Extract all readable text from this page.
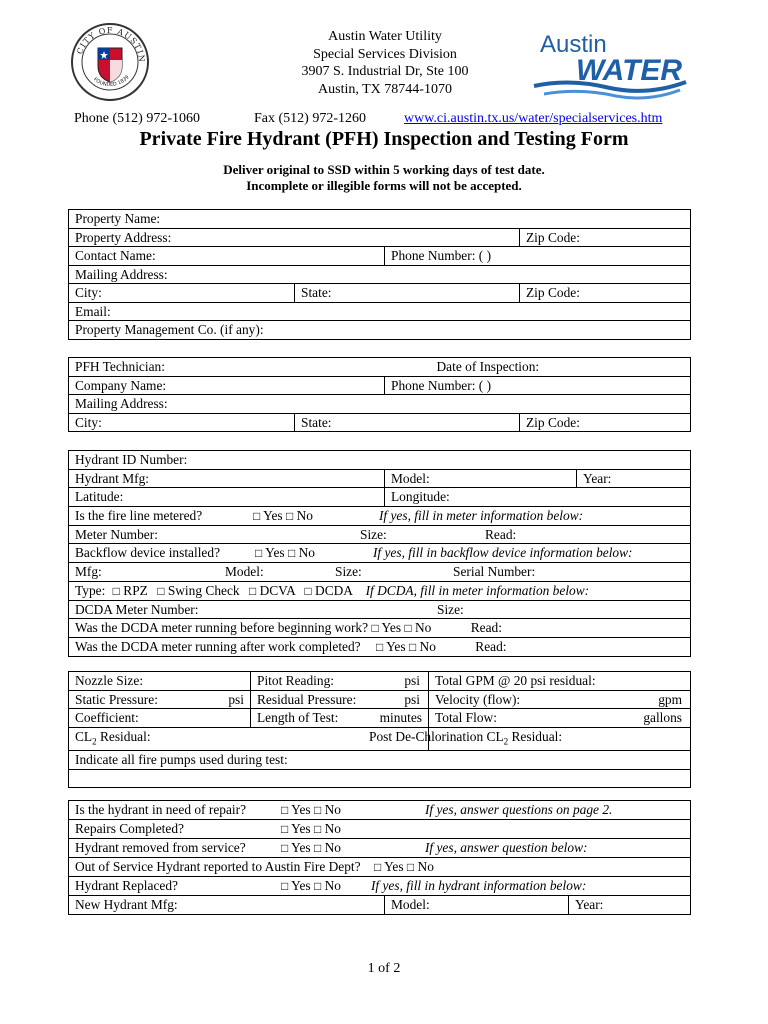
CITY OF AUSTIN
FOUNDED 1839
Austin
WATER
Austin Water Utility
Special Services Division
3907 S. Industrial Dr, Ste 100
Austin, TX 78744-1070
Phone (512) 972-1060	Fax (512) 972-1260	www.ci.austin.tx.us/water/specialservices.htm
Private Fire Hydrant (PFH) Inspection and Testing Form
Deliver original to SSD within 5 working days of test date.
Incomplete or illegible forms will not be accepted.
Property Name:			
Property Address:			Zip Code:
Contact Name:		Phone Number: ( )	
Mailing Address:			
City:	State:		Zip Code:
Email:			
Property Management Co. (if any):			
PFH Technician:		Date of Inspection:	
Company Name:		Phone Number: ( )	
Mailing Address:			
City:	State:		Zip Code:
Hydrant ID Number:		
Hydrant Mfg:	Model:	Year:
Latitude:	Longitude:	
Is the fire line metered? □ Yes □ No If yes, fill in meter information below:		
Meter Number: Size: Read:		
Backflow device installed? □ Yes □ No If yes, fill in backflow device information below:		
Mfg: Model: Size: Serial Number:		
Type: □ RPZ □ Swing Check □ DCVA □ DCDA If DCDA, fill in meter information below:		
DCDA Meter Number: Size:		
Was the DCDA meter running before beginning work? □ Yes □ No Read:		
Was the DCDA meter running after work completed? □ Yes □ No Read:		
Nozzle Size:	Pitot Reading: psi	Total GPM @ 20 psi residual:
Static Pressure: psi	Residual Pressure: psi	Velocity (flow): gpm

Coefficient:	Length of Test: minutes	Total Flow: gallons

$CL_2$ Residual:		Post De-Chlorination $CL_2$ Residual:
Indicate all fire pumps used during test:		

Is the hydrant in need of repair?	□ Yes □ No	If yes, answer questions on page 2.
Repairs Completed?	□ Yes □ No
Hydrant removed from service?	□ Yes □ No	If yes, answer question below:
Out of Service Hydrant reported to Austin Fire Dept? □ Yes □ No
Hydrant Replaced?	□ Yes □ No If yes, fill in hydrant information below:
New Hydrant Mfg:	Model:	Year:
1 of 2
